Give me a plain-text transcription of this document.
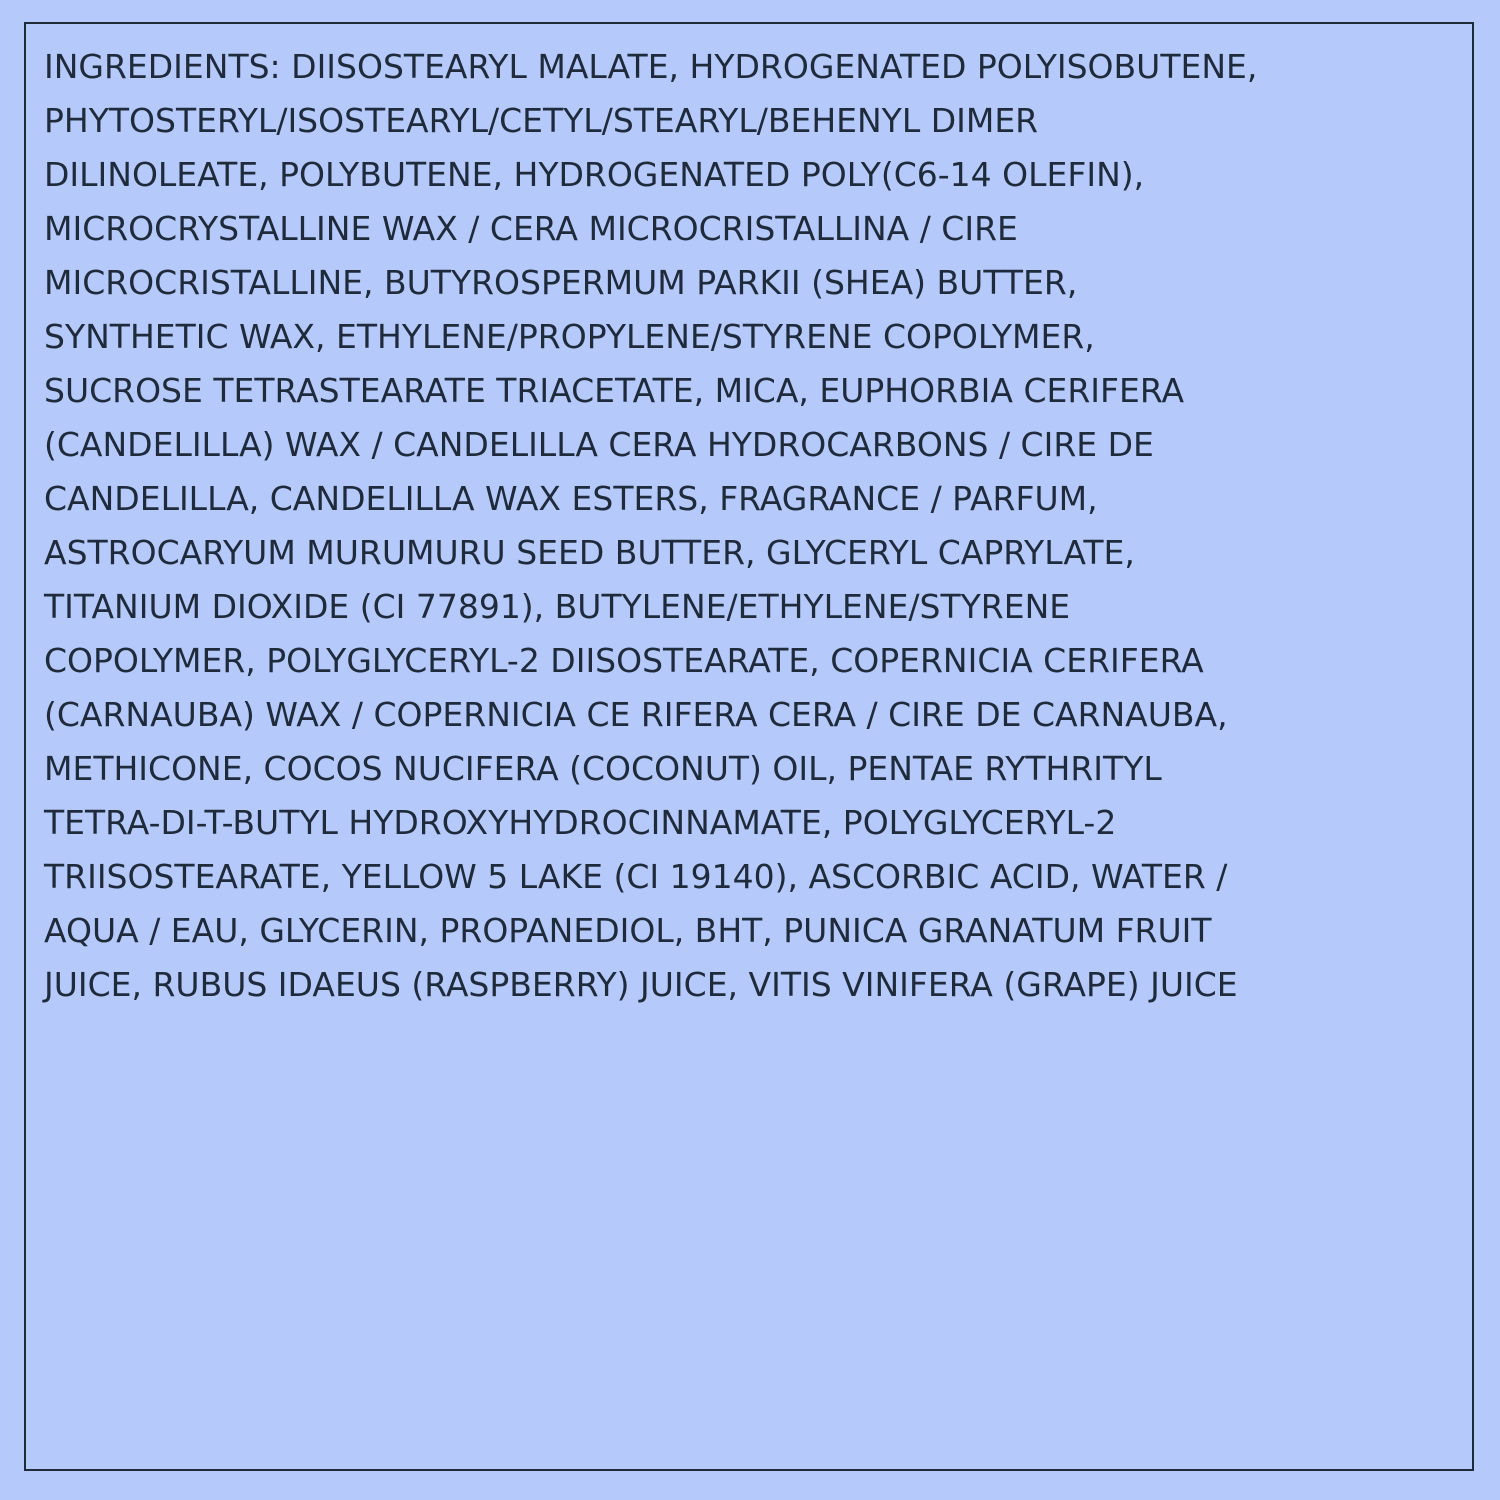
INGREDIENTS: DIISOSTEARYL MALATE, HYDROGENATED POLYISOBUTENE,
PHYTOSTERYL/ISOSTEARYL/CETYL/STEARYL/BEHENYL DIMER
DILINOLEATE, POLYBUTENE, HYDROGENATED POLY(C6-14 OLEFIN),
MICROCRYSTALLINE WAX / CERA MICROCRISTALLINA / CIRE
MICROCRISTALLINE, BUTYROSPERMUM PARKII (SHEA) BUTTER,
SYNTHETIC WAX, ETHYLENE/PROPYLENE/STYRENE COPOLYMER,
SUCROSE TETRASTEARATE TRIACETATE, MICA, EUPHORBIA CERIFERA
(CANDELILLA) WAX / CANDELILLA CERA HYDROCARBONS / CIRE DE
CANDELILLA, CANDELILLA WAX ESTERS, FRAGRANCE / PARFUM,
ASTROCARYUM MURUMURU SEED BUTTER, GLYCERYL CAPRYLATE,
TITANIUM DIOXIDE (CI 77891), BUTYLENE/ETHYLENE/STYRENE
COPOLYMER, POLYGLYCERYL-2 DIISOSTEARATE, COPERNICIA CERIFERA
(CARNAUBA) WAX / COPERNICIA CE RIFERA CERA / CIRE DE CARNAUBA,
METHICONE, COCOS NUCIFERA (COCONUT) OIL, PENTAE RYTHRITYL
TETRA-DI-T-BUTYL HYDROXYHYDROCINNAMATE, POLYGLYCERYL-2
TRIISOSTEARATE, YELLOW 5 LAKE (CI 19140), ASCORBIC ACID, WATER /
AQUA / EAU, GLYCERIN, PROPANEDIOL, BHT, PUNICA GRANATUM FRUIT
JUICE, RUBUS IDAEUS (RASPBERRY) JUICE, VITIS VINIFERA (GRAPE) JUICE
